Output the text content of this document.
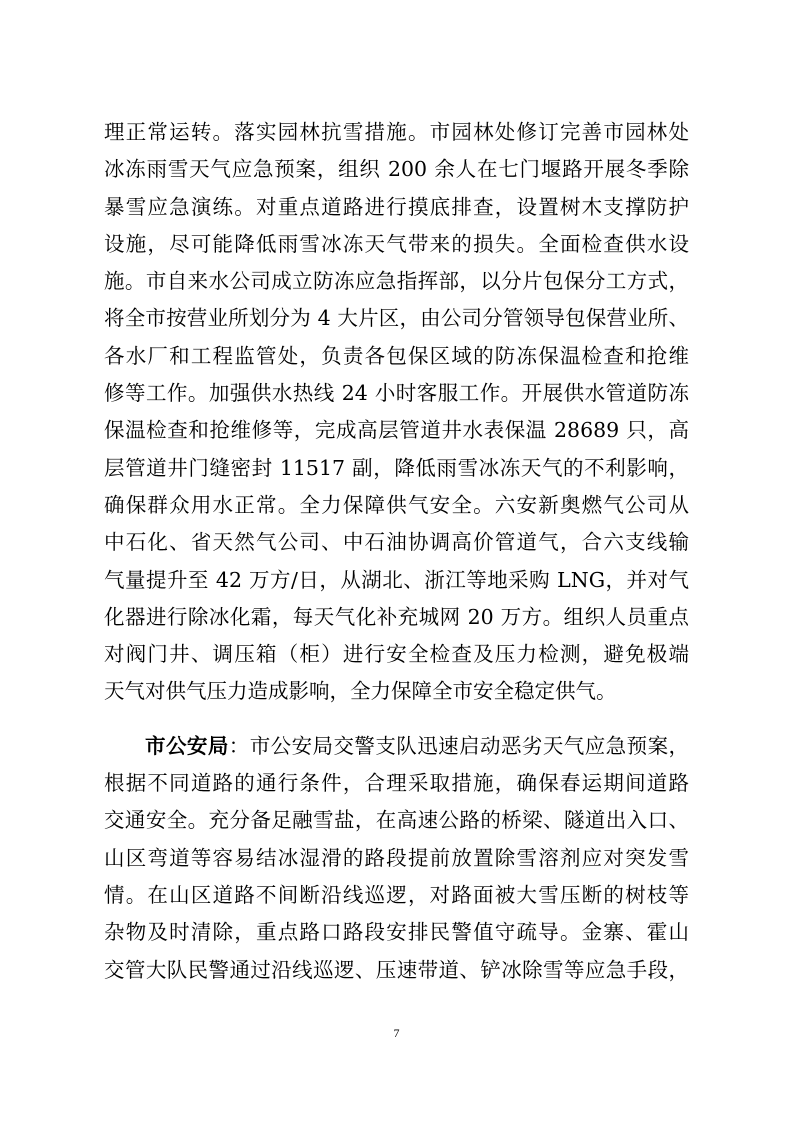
理正常运转。落实园林抗雪措施。市园林处修订完善市园林处
冰冻雨雪天气应急预案，组织 200 余人在七门堰路开展冬季除
暴雪应急演练。对重点道路进行摸底排查，设置树木支撑防护
设施，尽可能降低雨雪冰冻天气带来的损失。全面检查供水设
施。市自来水公司成立防冻应急指挥部，以分片包保分工方式，
将全市按营业所划分为 4 大片区，由公司分管领导包保营业所、
各水厂和工程监管处，负责各包保区域的防冻保温检查和抢维
修等工作。加强供水热线 24 小时客服工作。开展供水管道防冻
保温检查和抢维修等，完成高层管道井水表保温 28689 只，高
层管道井门缝密封 11517 副，降低雨雪冰冻天气的不利影响，
确保群众用水正常。全力保障供气安全。六安新奥燃气公司从
中石化、省天然气公司、中石油协调高价管道气，合六支线输
气量提升至 42 万方/日，从湖北、浙江等地采购 LNG，并对气
化器进行除冰化霜，每天气化补充城网 20 万方。组织人员重点
对阀门井、调压箱（柜）进行安全检查及压力检测，避免极端
天气对供气压力造成影响，全力保障全市安全稳定供气。
市公安局：市公安局交警支队迅速启动恶劣天气应急预案，
根据不同道路的通行条件，合理采取措施，确保春运期间道路
交通安全。充分备足融雪盐，在高速公路的桥梁、隧道出入口、
山区弯道等容易结冰湿滑的路段提前放置除雪溶剂应对突发雪
情。在山区道路不间断沿线巡逻，对路面被大雪压断的树枝等
杂物及时清除，重点路口路段安排民警值守疏导。金寨、霍山
交管大队民警通过沿线巡逻、压速带道、铲冰除雪等应急手段，
7
